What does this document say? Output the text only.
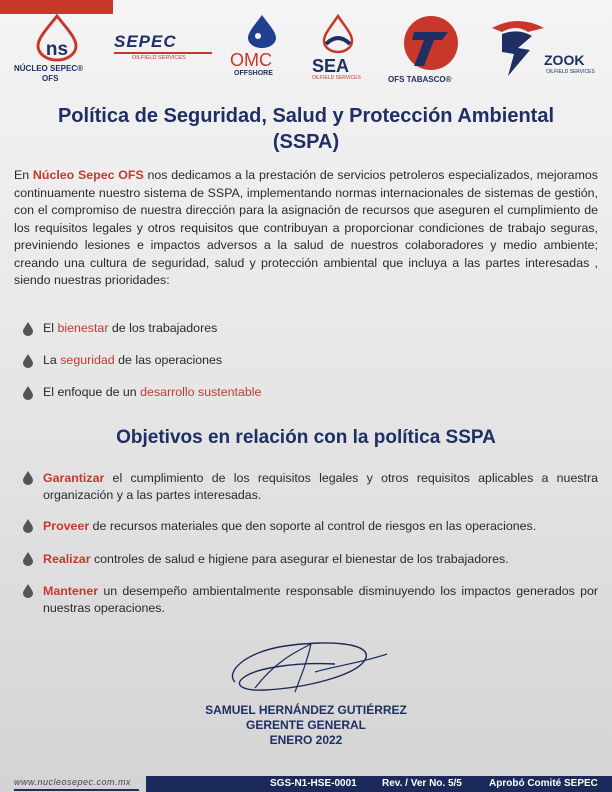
ns
NÚCLEO SEPEC®
OFS
SEPEC
OILFIELD SERVICES OMC
OFFSHORE SEA
OILFIELD SERVICES	OFS TABASCO®
ZOOK
OILFIELD SERVICES
Política de Seguridad, Salud y Protección Ambiental
(SSPA)
En Núcleo Sepec OFS nos dedicamos a la prestación de servicios petroleros especializados, mejoramos continuamente nuestro sistema de SSPA, implementando normas internacionales de sistemas de gestión, con el compromiso de nuestra dirección para la asignación de recursos que aseguren el cumplimiento de los requisitos legales y otros requisitos que contribuyan a proporcionar condiciones de trabajo seguras, previniendo lesiones e impactos adversos a la salud de nuestros colaboradores y medio ambiente; creando una cultura de seguridad, salud y protección ambiental que incluya a las partes interesadas , siendo nuestras prioridades:
El bienestar de los trabajadores
La seguridad de las operaciones
El enfoque de un desarrollo sustentable
Objetivos en relación con la política SSPA
Garantizar el cumplimiento de los requisitos legales y otros requisitos aplicables a nuestra organización y a las partes interesadas.
Proveer de recursos materiales que den soporte al control de riesgos en las operaciones.
Realizar controles de salud e higiene para asegurar el bienestar de los trabajadores.
Mantener un desempeño ambientalmente responsable disminuyendo los impactos generados por nuestras operaciones.
SAMUEL HERNÁNDEZ GUTIÉRREZ
GERENTE GENERAL
ENERO 2022
www.nucleosepec.com.mx	SGS-N1-HSE-0001	Rev. / Ver No. 5/5	Aprobó Comité SEPEC
